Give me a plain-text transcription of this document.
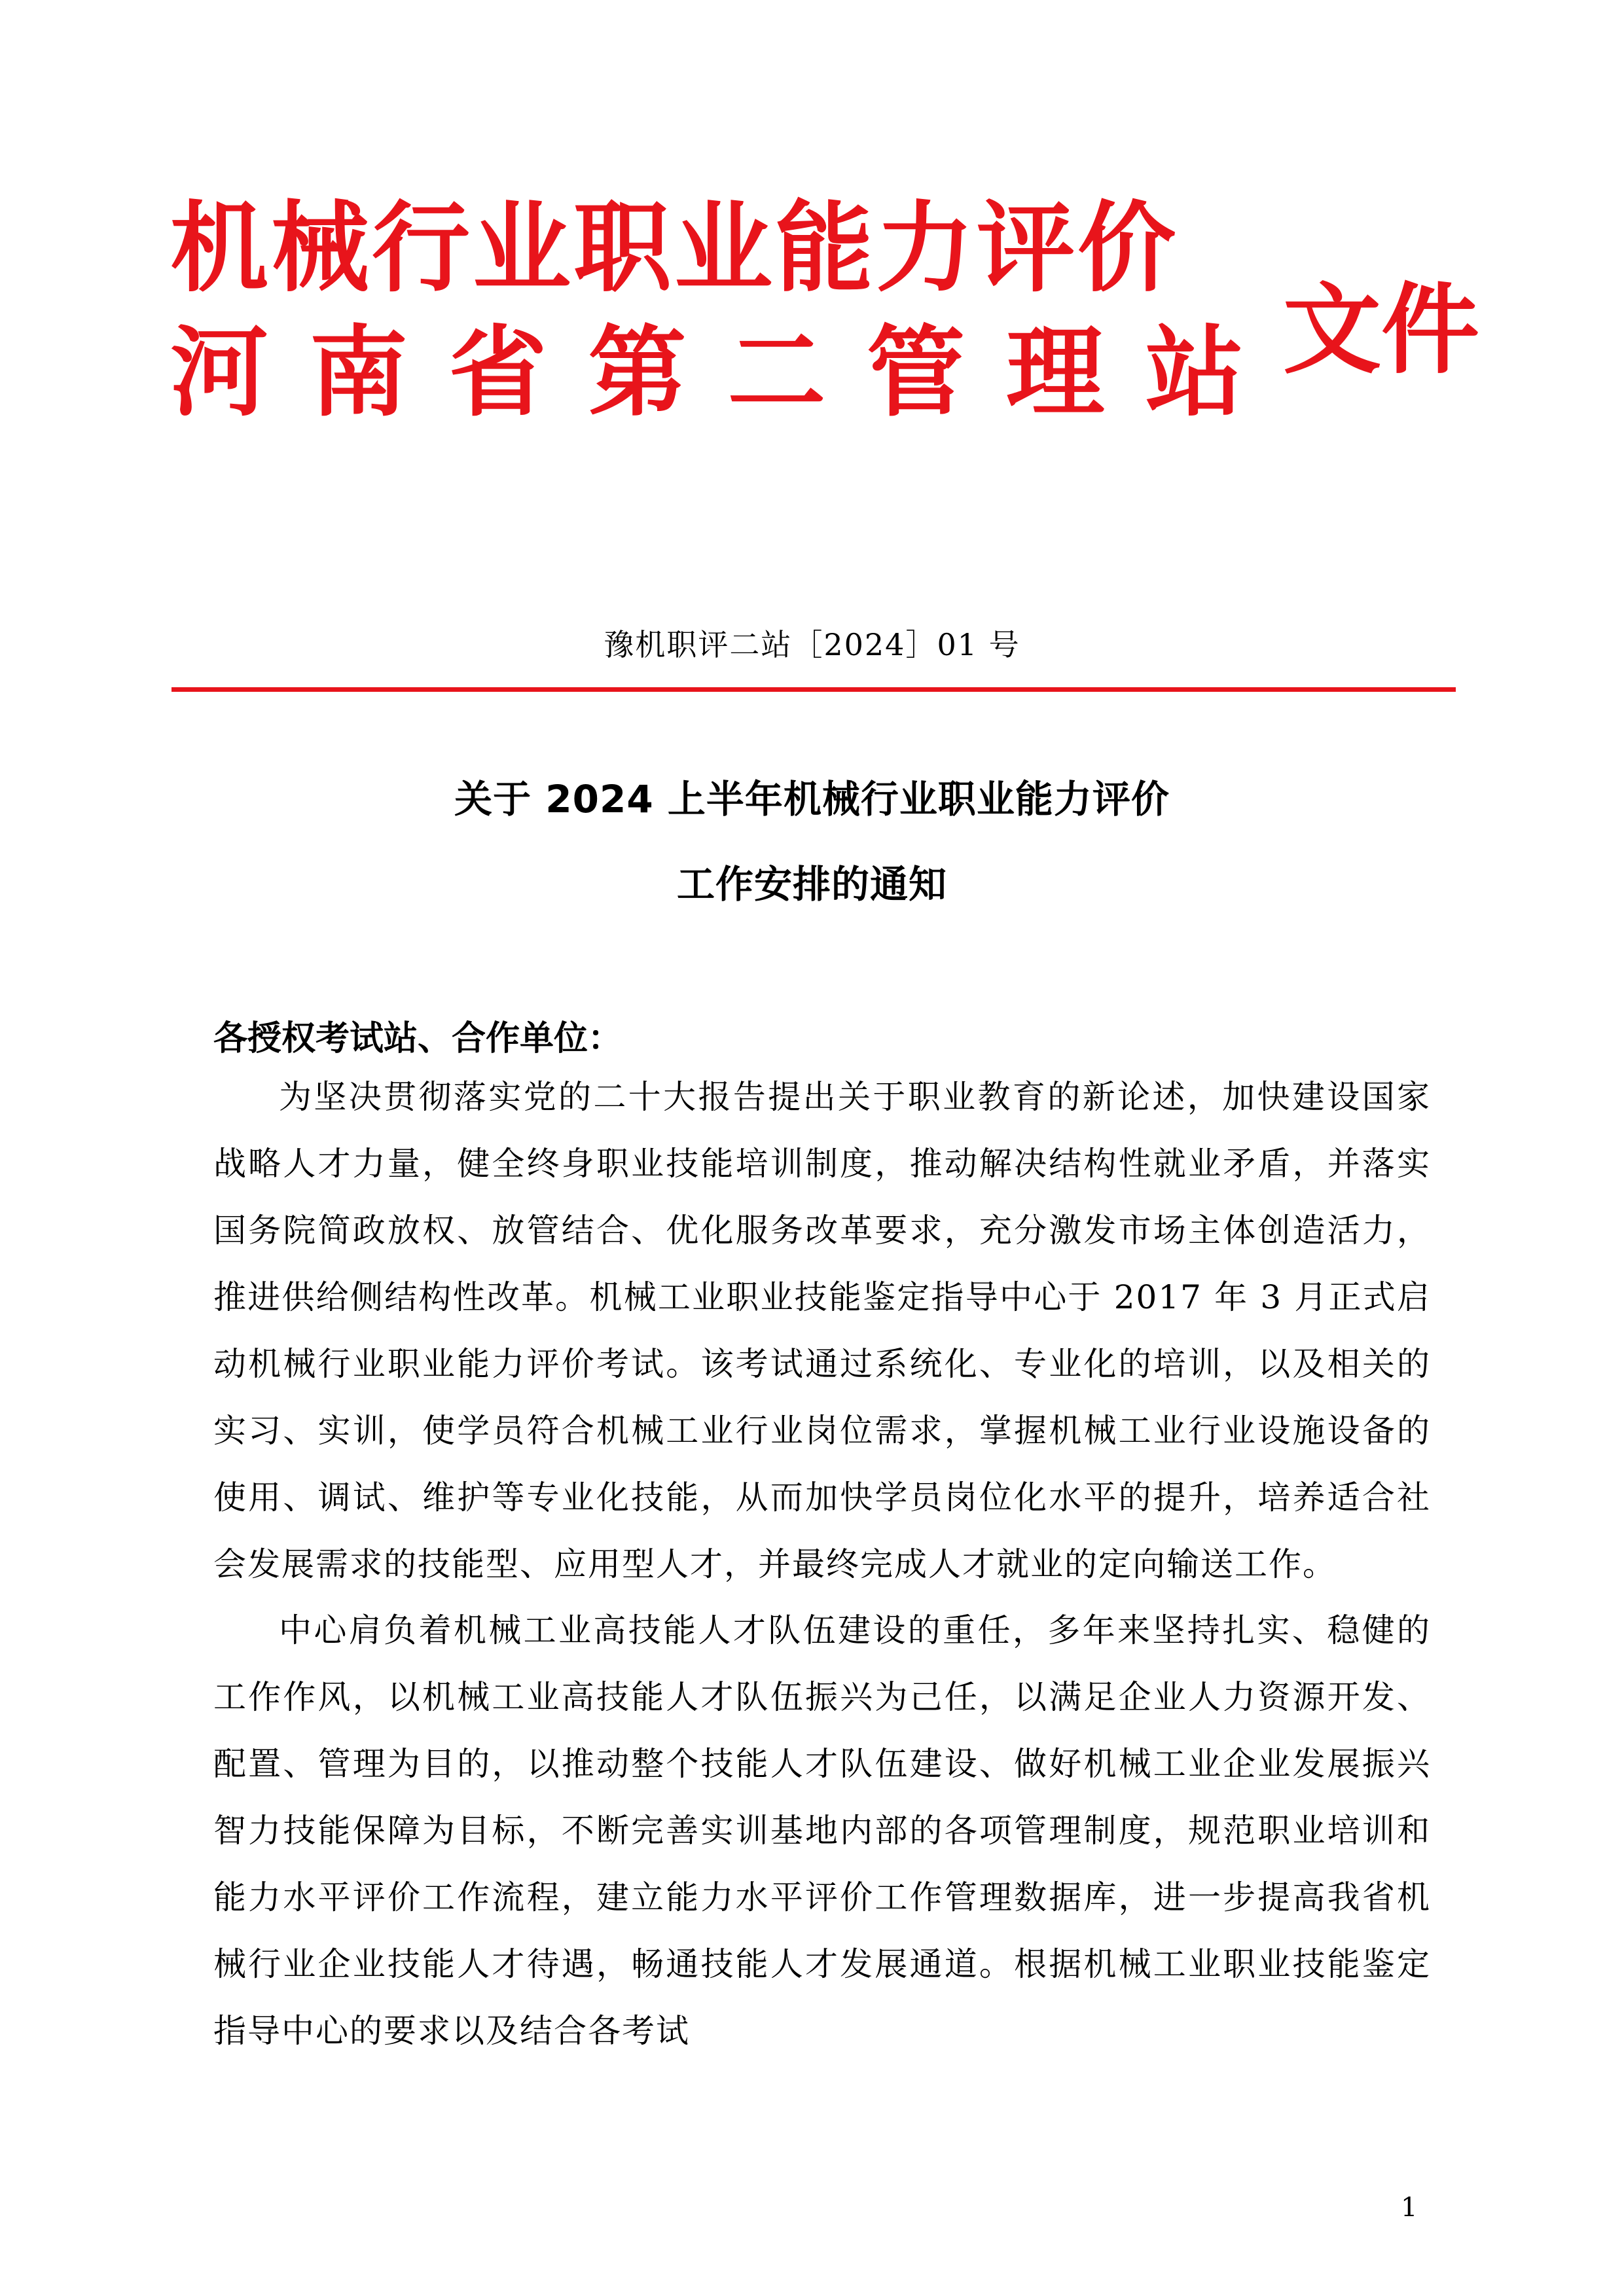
机械行业职业能力评价
河 南 省 第 二 管 理 站 文件
豫机职评二站［2024］01 号
关于 2024 上半年机械行业职业能力评价
工作安排的通知
各授权考试站、合作单位：

为坚决贯彻落实党的二十大报告提出关于职业教育的新论述，加快建设国家战略人才力量，健全终身职业技能培训制度，推动解决结构性就业矛盾，并落实国务院简政放权、放管结合、优化服务改革要求，充分激发市场主体创造活力，推进供给侧结构性改革。机械工业职业技能鉴定指导中心于 2017 年 3 月正式启动机械行业职业能力评价考试。该考试通过系统化、专业化的培训，以及相关的实习、实训，使学员符合机械工业行业岗位需求，掌握机械工业行业设施设备的使用、调试、维护等专业化技能，从而加快学员岗位化水平的提升，培养适合社会发展需求的技能型、应用型人才，并最终完成人才就业的定向输送工作。

中心肩负着机械工业高技能人才队伍建设的重任，多年来坚持扎实、稳健的工作作风，以机械工业高技能人才队伍振兴为己任，以满足企业人力资源开发、配置、管理为目的，以推动整个技能人才队伍建设、做好机械工业企业发展振兴智力技能保障为目标，不断完善实训基地内部的各项管理制度，规范职业培训和能力水平评价工作流程，建立能力水平评价工作管理数据库，进一步提高我省机械行业企业技能人才待遇，畅通技能人才发展通道。根据机械工业职业技能鉴定指导中心的要求以及结合各考试

1
